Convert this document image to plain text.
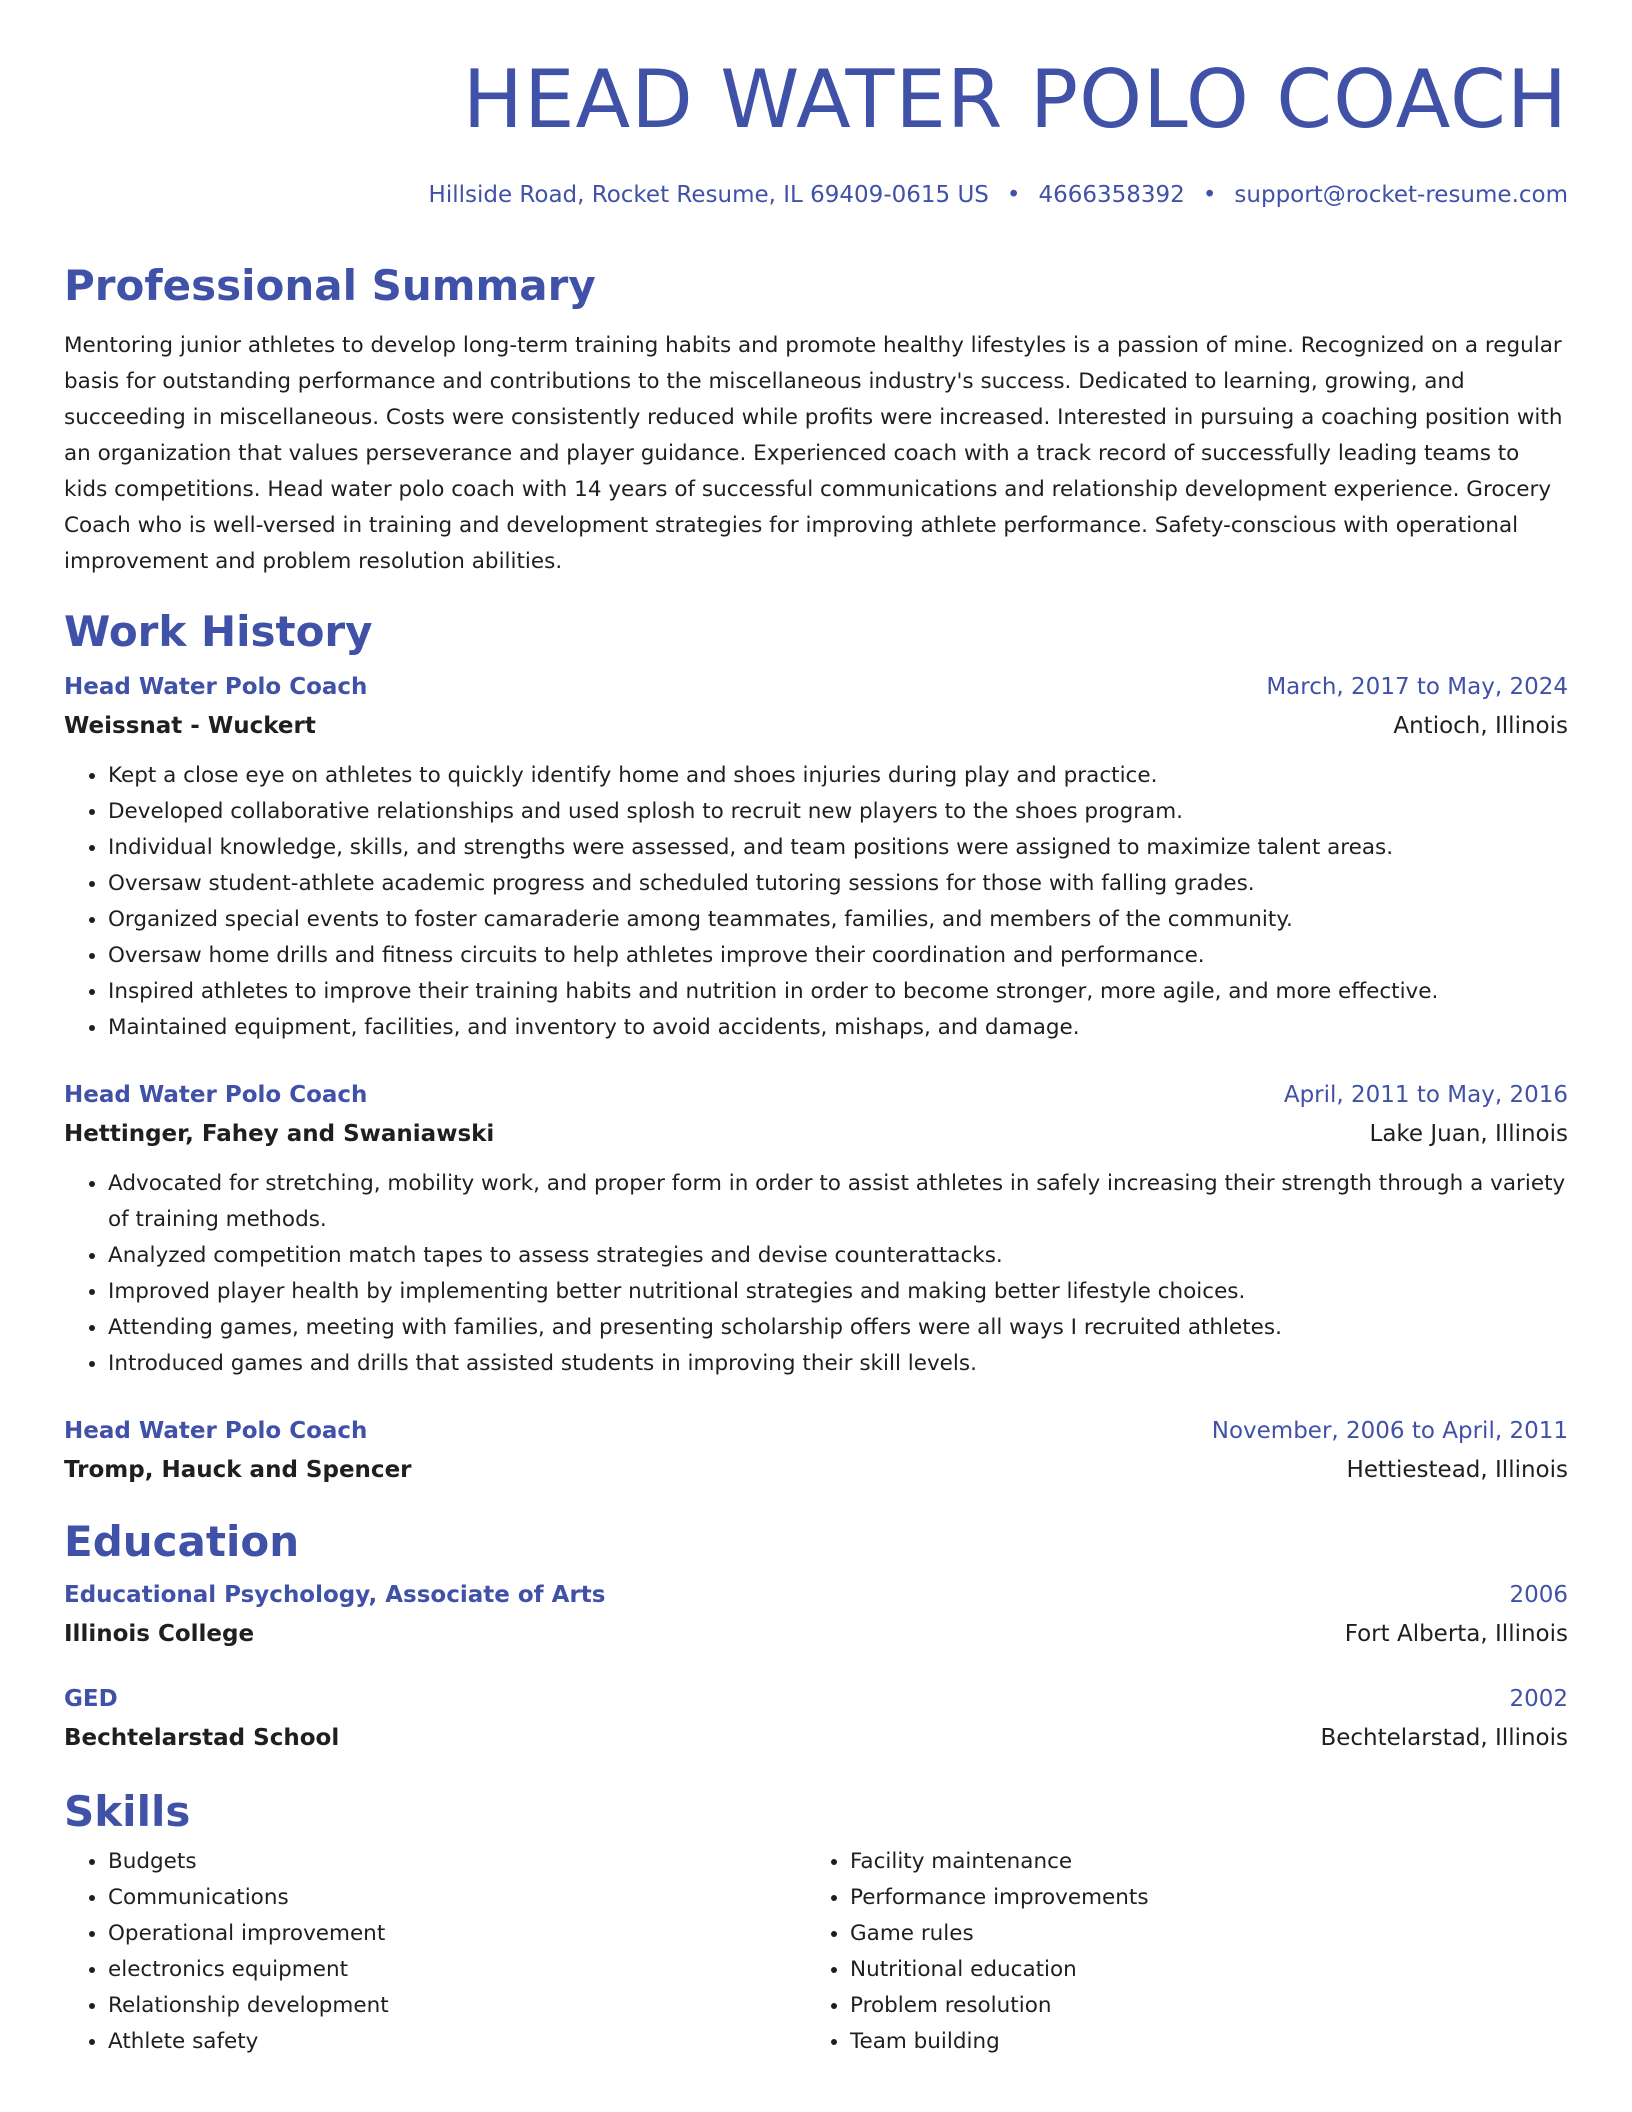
HEAD WATER POLO COACH
Hillside Road, Rocket Resume, IL 69409-0615 US • 4666358392 • support@rocket-resume.com
Professional Summary
Mentoring junior athletes to develop long-term training habits and promote healthy lifestyles is a passion of mine. Recognized on a regular basis for outstanding performance and contributions to the miscellaneous industry's success. Dedicated to learning, growing, and succeeding in miscellaneous. Costs were consistently reduced while profits were increased. Interested in pursuing a coaching position with an organization that values perseverance and player guidance. Experienced coach with a track record of successfully leading teams to kids competitions. Head water polo coach with 14 years of successful communications and relationship development experience. Grocery Coach who is well-versed in training and development strategies for improving athlete performance. Safety-conscious with operational improvement and problem resolution abilities.
Work History
Head Water Polo Coach	March, 2017 to May, 2024
Weissnat - Wuckert	Antioch, Illinois
• Kept a close eye on athletes to quickly identify home and shoes injuries during play and practice.
• Developed collaborative relationships and used splosh to recruit new players to the shoes program.
• Individual knowledge, skills, and strengths were assessed, and team positions were assigned to maximize talent areas.
• Oversaw student-athlete academic progress and scheduled tutoring sessions for those with falling grades.
• Organized special events to foster camaraderie among teammates, families, and members of the community.
• Oversaw home drills and fitness circuits to help athletes improve their coordination and performance.
• Inspired athletes to improve their training habits and nutrition in order to become stronger, more agile, and more effective.
• Maintained equipment, facilities, and inventory to avoid accidents, mishaps, and damage.
Head Water Polo Coach	April, 2011 to May, 2016
Hettinger, Fahey and Swaniawski	Lake Juan, Illinois
• Advocated for stretching, mobility work, and proper form in order to assist athletes in safely increasing their strength through a variety of training methods.
• Analyzed competition match tapes to assess strategies and devise counterattacks.
• Improved player health by implementing better nutritional strategies and making better lifestyle choices.
• Attending games, meeting with families, and presenting scholarship offers were all ways I recruited athletes.
• Introduced games and drills that assisted students in improving their skill levels.
Head Water Polo Coach	November, 2006 to April, 2011
Tromp, Hauck and Spencer	Hettiestead, Illinois
Education
Educational Psychology, Associate of Arts	2006
Illinois College	Fort Alberta, Illinois
GED	2002
Bechtelarstad School	Bechtelarstad, Illinois
Skills
• Budgets
• Communications
• Operational improvement
• electronics equipment
• Relationship development
• Athlete safety
• Facility maintenance
• Performance improvements
• Game rules
• Nutritional education
• Problem resolution
• Team building
